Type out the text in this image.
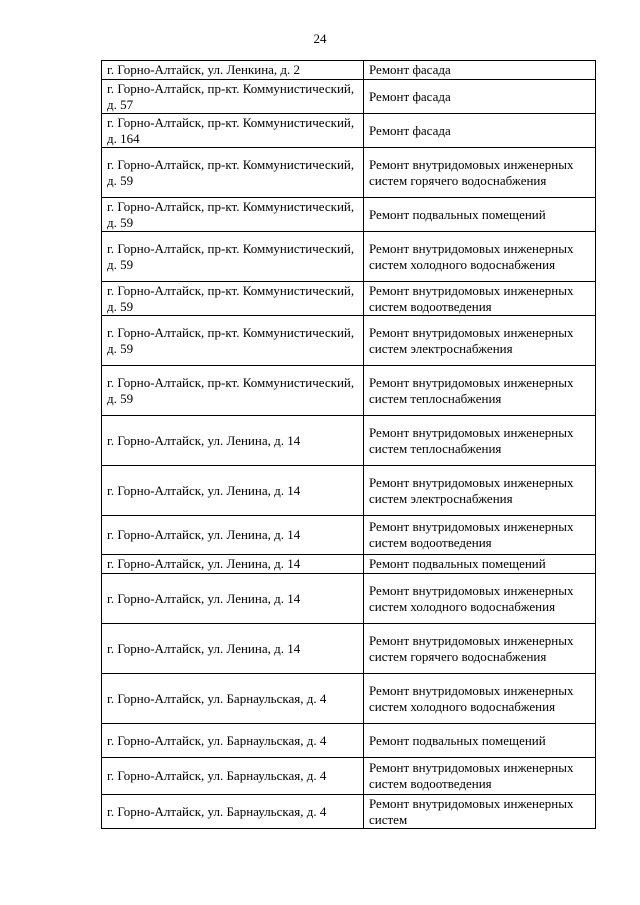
24
г. Горно-Алтайск, ул. Ленкина, д. 2	Ремонт фасада
г. Горно-Алтайск, пр-кт. Коммунистический, д. 57	Ремонт фасада
г. Горно-Алтайск, пр-кт. Коммунистический, д. 164	Ремонт фасада
г. Горно-Алтайск, пр-кт. Коммунистический, д. 59	Ремонт внутридомовых инженерных систем горячего водоснабжения
г. Горно-Алтайск, пр-кт. Коммунистический, д. 59	Ремонт подвальных помещений
г. Горно-Алтайск, пр-кт. Коммунистический, д. 59	Ремонт внутридомовых инженерных систем холодного водоснабжения
г. Горно-Алтайск, пр-кт. Коммунистический, д. 59	Ремонт внутридомовых инженерных систем водоотведения
г. Горно-Алтайск, пр-кт. Коммунистический, д. 59	Ремонт внутридомовых инженерных систем электроснабжения
г. Горно-Алтайск, пр-кт. Коммунистический, д. 59	Ремонт внутридомовых инженерных систем теплоснабжения
г. Горно-Алтайск, ул. Ленина, д. 14	Ремонт внутридомовых инженерных систем теплоснабжения
г. Горно-Алтайск, ул. Ленина, д. 14	Ремонт внутридомовых инженерных систем электроснабжения
г. Горно-Алтайск, ул. Ленина, д. 14	Ремонт внутридомовых инженерных систем водоотведения
г. Горно-Алтайск, ул. Ленина, д. 14	Ремонт подвальных помещений
г. Горно-Алтайск, ул. Ленина, д. 14	Ремонт внутридомовых инженерных систем холодного водоснабжения
г. Горно-Алтайск, ул. Ленина, д. 14	Ремонт внутридомовых инженерных систем горячего водоснабжения
г. Горно-Алтайск, ул. Барнаульская, д. 4	Ремонт внутридомовых инженерных систем холодного водоснабжения
г. Горно-Алтайск, ул. Барнаульская, д. 4	Ремонт подвальных помещений
г. Горно-Алтайск, ул. Барнаульская, д. 4	Ремонт внутридомовых инженерных систем водоотведения
г. Горно-Алтайск, ул. Барнаульская, д. 4	Ремонт внутридомовых инженерных систем
